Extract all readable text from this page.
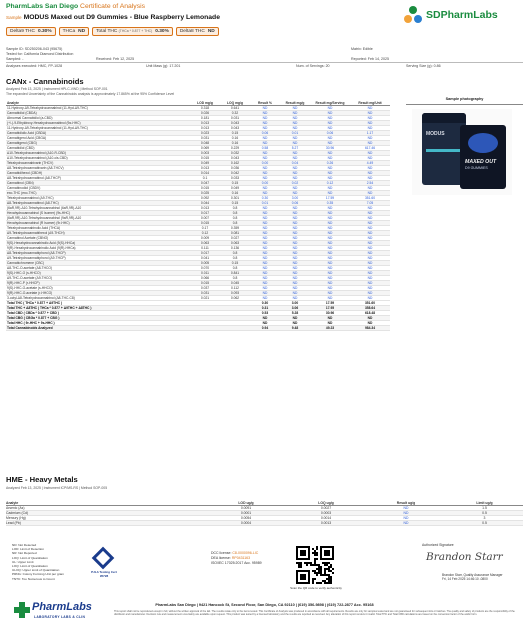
PharmLabs San Diego Certificate of Analysis
Sample MODUS Maxed out D9 Gummies - Blue Raspberry Lemonade
Delta9 THC 0.30%	THCa ND	Total THC (THCa * 0.877 + THC) 0.30%	Delta8 THC ND
SDPharmLabs
Sample ID: SD250206-043 (95675)	Matrix: Edible
Tested for: California Diamond Distribution
Sampled: -	Received: Feb 12, 2025	Reported: Feb 14, 2025
Analyses executed: HMC, FP-1028	Unit Mass (g): 17.201	Num. of Servings: 20	Serving Size (g): 0.86
CANx - Cannabinoids
Analyzed Feb 13, 2025 | Instrument HPLC-VWD | Method SOP-001
The expanded Uncertainty of the Cannabinoids analysis is approximately 17.865% at the 95% Confidence Level
Analyte	LOD mg/g	LOQ mg/g	Result %	Result mg/g	Result mg/Serving	Result mg/Unit
11-Hydroxy-Δ9-Tetrahydrocannabinol (11-Hyd-Δ9-THC)	0.318	0.641	ND	ND	ND	ND
Cannabidiol (CBDA)	0.026	0.32	ND	ND	ND	ND
Abnormal Cannabidiol (a-CBD)	0.181	0.031	ND	ND	ND	ND
(+/-)-9-Ethyldroxy-Hexahydrocannabinol (9α-HHC)	0.013	0.043	ND	ND	ND	ND
11-Hydroxy-Δ9-Tetrahydrocannabinol (11-Hyd-Δ9-THC)	0.013	0.043	ND	ND	ND	ND
Cannabidiolic Acid (CBDA)	0.023	0.15	0.06	0.01	0.06	1.17
Cannabigerol Acid (CBGA)	0.031	0.16	ND	ND	ND	ND
Cannabigerol (CBG)	0.048	0.16	ND	ND	ND	ND
Cannabidiol (CBD)	0.069	0.229	0.58	5.27	30.96	617.46
Δ10-Tetrahydrocannabinol (Δ10-R-CBD)	0.003	0.032	ND	ND	ND	ND
Δ10-Tetrahydrocannabinol (Δ10-cis-CBD)	0.015	0.043	ND	ND	ND	ND
Tetrahydrocannabivarin (THCV)	0.049	0.162	0.00	0.04	0.26	4.49
Δ8-Tetrahydrocannabivarin (Δ8-THCV)	0.013	0.036	ND	ND	ND	ND
Cannabidihexol (CBDH)	0.014	0.042	ND	ND	ND	ND
Δ8-Tetrahydrocannabinol (Δ8-THCP)	0.1	0.033	ND	ND	ND	ND
Cannabinol (CBN)	0.047	0.15	0.00	0.02	0.12	2.54
Cannabinodiol (CBDV)	0.015	0.049	ND	ND	ND	ND
exo-THC (exo-THC)	0.025	0.16	ND	ND	ND	ND
Tetrahydrocannabinol (Δ9-THC)	0.092	0.301	0.30	3.00	17.59	351.60
Δ8-Tetrahydrocannabinol (Δ8-THC)	0.044	0.15	0.01	0.06	0.35	7.05
(6aR,9R)-Δ10-Tetrahydrocannabinol (6aR,9R)-Δ10	0.013	0.8	ND	ND	ND	ND
Hexahydrocannabinol (S Isomer) (9s-HHC)	0.017	0.8	ND	ND	ND	ND
(6aR,9R)-Δ10-Tetrahydrocannabinol (9aR,9R)-Δ10	0.007	0.8	ND	ND	ND	ND
Hexahydrocannabinol (R Isomer) (9r-HHC)	0.015	0.8	ND	ND	ND	ND
Tetrahydrocannabinolic Acid (THCA)	0.17	0.359	ND	ND	ND	ND
Δ9-Tetrahydrocannabihexol (Δ9-THCH)	0.12	0.081	ND	ND	ND	ND
Cannabinol Acetate (CBNO)	0.009	0.027	ND	ND	ND	ND
9(S)-Hexahydrocannabinolic Acid (9(S)-HHCa)	0.063	0.063	ND	ND	ND	ND
9(R)-Hexahydrocannabinolic Acid (9(R)-HHCa)	0.111	0.136	ND	ND	ND	ND
Δ8-Tetrahydrocannabiphorol (Δ8-THCP)	0.017	0.8	ND	ND	ND	ND
Δ9-Tetrahydrocannabiphorol (Δ9-THCP)	0.041	0.8	ND	ND	ND	ND
Cannabichromene (CBC)	0.005	0.15	ND	ND	ND	ND
Δ8-THC-O-acetate (Δ8-THCO)	0.070	0.8	ND	ND	ND	ND
9(S)-HHC-O (s-HHCO)	0.011	0.841	ND	ND	ND	ND
Δ9-THC-O-acetate (Δ9-THCO)	0.066	0.8	ND	ND	ND	ND
9(R)-HHC-P (r-HHCP)	0.015	0.045	ND	ND	ND	ND
9(S)-HHC-O-acetate (s-HHCO)	0.037	0.112	ND	ND	ND	ND
9(R)-HHC-O-acetate (r-HHCO)	0.031	0.093	ND	ND	ND	ND
3-octyl-Δ8-Tetrahydrocannabinol (Δ8-THC-C8)	0.021	0.062	ND	ND	ND	ND
Total THC ( THCa * 0.877 + Δ9THC )			0.30	3.00	17.59	351.60
Total THC + Δ8THC ( THCa * 0.877 + Δ9THC + Δ8THC )			0.31	3.06	17.95	358.64
Total CBD ( CBDa * 0.877 + CBD )			0.53	5.28	30.96	618.48
Total CBG ( CBGa * 0.877 + CBG )			ND	ND	ND	ND
Total HHC ( 9r-HHC + 9s-HHC )			ND	ND	ND	ND
Total Cannabinoids Analyzed			0.94	9.48	49.23	984.34
Sample photography
MODUS
MAXED OUT
D9 GUMMIES
HME - Heavy Metals
Analyzed Feb 13, 2025 | Instrument ICP/MS-RS | Method SOP-005
Analyte	LOD ug/g	LOQ ug/g	Result ug/g	Limit ug/g
Arsenic (As)	0.0091	0.0027	ND	1.5
Cadmium (Cd)	0.0001	0.0003	ND	0.5
Mercury (Hg)	0.0054	0.0014	ND	3
Lead (Pb)	0.0004	0.0013	ND	0.5
ND: Not Detected
LOD: Limit of Detection
NR: Not Reported
LOQ: Limit of Quantitation
UL: Upper Limit
LOQ: Limit of Quantitation
ULOQ: Upper Limit of Quantitation
PRNG: Colony Forming Unit per gram
TNTC: Too Numerous to Count
PJLA Testing Cert 95728
PharmLabs
LABORATORY LABS & CLIN
DCC license: C8-0000096-LIC
DEA license: RP0431163
ISO/IEC 17025:2017 Acc. 95989
Scan the QR code to verify authenticity
Authorized Signature
Brandon Starr
Brandon Starr, Quality Assurance Manager
Fri, 14 Feb 2025 14:46:10 -0800
PharmLabs San Diego | 9421 Hancock St, Second Floor, San Diego, CA 92110 | (619) 356-9898 | (619) 722-2877 Acc. 95168
This report shall not be reproduced except in full, without the written approval of the lab. The results relate only to the items tested. This Certificate of Analysis was produced in accordance with all requirements. Results are only for samples tested and are not guaranteed for subsequent lots or batches. The quality and safety of products are the responsibility of the distributor and manufacturer. Decision rule and measurement uncertainty are available upon request. This product was tested by a licensed laboratory and the results are reported as received. Any alteration of this report renders it invalid. Total THC and Total CBD calculations are based on the conversion factor of the acidic form.
